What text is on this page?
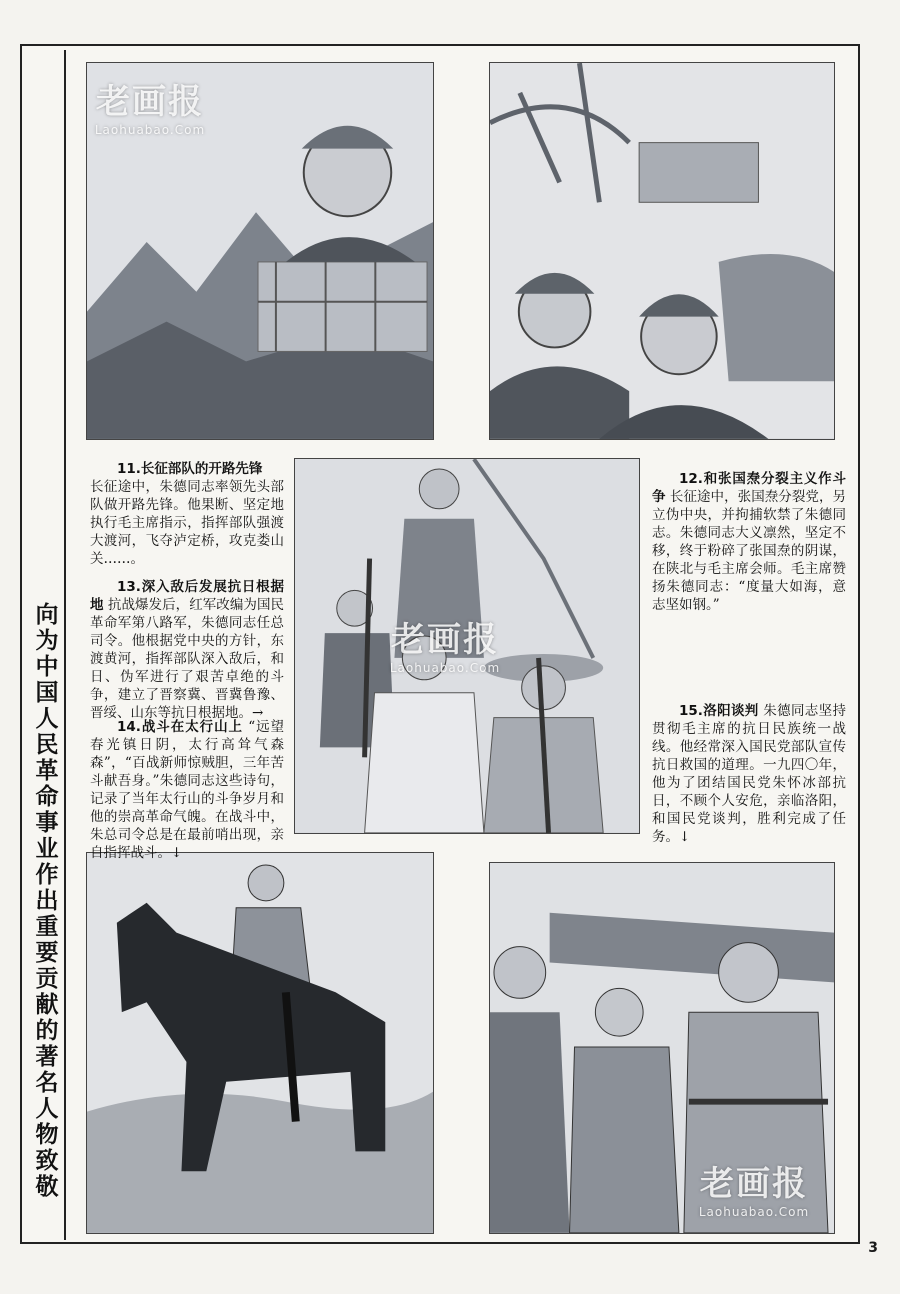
向为中国人民革命事业作出重要贡献的著名人物致敬

11.长征部队的开路先锋
长征途中，朱德同志率领先头部队做开路先锋。他果断、坚定地执行毛主席指示，指挥部队强渡大渡河，飞夺泸定桥，攻克娄山关……。

13.深入敌后发展抗日根据地 抗战爆发后，红军改编为国民革命军第八路军，朱德同志任总司令。他根据党中央的方针，东渡黄河，指挥部队深入敌后，和日、伪军进行了艰苦卓绝的斗争，建立了晋察冀、晋冀鲁豫、晋绥、山东等抗日根据地。→

14.战斗在太行山上 “远望春光镇日阴，太行高耸气森森”，“百战新师惊贼胆，三年苦斗献吾身。”朱德同志这些诗句，记录了当年太行山的斗争岁月和他的崇高革命气魄。在战斗中，朱总司令总是在最前哨出现，亲自指挥战斗。↓

12.和张国焘分裂主义作斗争 长征途中，张国焘分裂党，另立伪中央，并拘捕软禁了朱德同志。朱德同志大义凛然，坚定不移，终于粉碎了张国焘的阴谋，在陕北与毛主席会师。毛主席赞扬朱德同志：“度量大如海，意志坚如钢。”

15.洛阳谈判 朱德同志坚持贯彻毛主席的抗日民族统一战线。他经常深入国民党部队宣传抗日救国的道理。一九四〇年，他为了团结国民党朱怀冰部抗日，不顾个人安危，亲临洛阳，和国民党谈判，胜利完成了任务。↓

老画报
Laohuabao.Com
老画报
Laohuabao.Com
老画报
Laohuabao.Com
3
